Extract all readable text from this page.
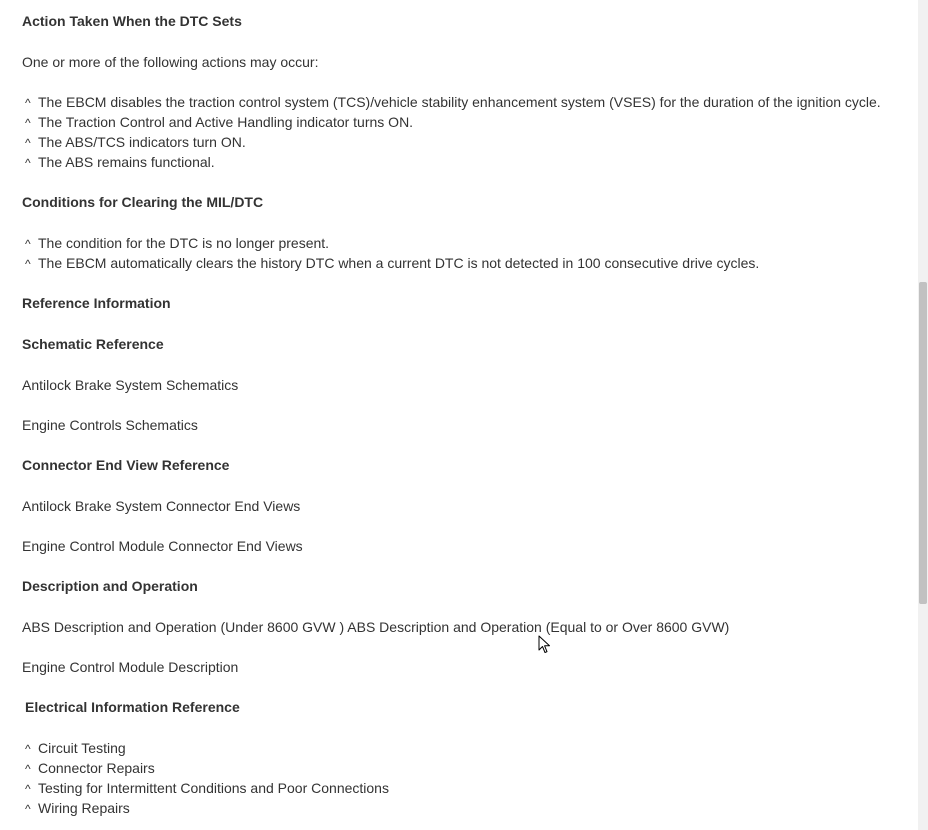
Action Taken When the DTC Sets
One or more of the following actions may occur:
^ The EBCM disables the traction control system (TCS)/vehicle stability enhancement system (VSES) for the duration of the ignition cycle.
^ The Traction Control and Active Handling indicator turns ON.
^ The ABS/TCS indicators turn ON.
^ The ABS remains functional.
Conditions for Clearing the MIL/DTC
^ The condition for the DTC is no longer present.
^ The EBCM automatically clears the history DTC when a current DTC is not detected in 100 consecutive drive cycles.
Reference Information
Schematic Reference
Antilock Brake System Schematics
Engine Controls Schematics
Connector End View Reference
Antilock Brake System Connector End Views
Engine Control Module Connector End Views
Description and Operation
ABS Description and Operation (Under 8600 GVW ) ABS Description and Operation (Equal to or Over 8600 GVW)
Engine Control Module Description
Electrical Information Reference
^ Circuit Testing
^ Connector Repairs
^ Testing for Intermittent Conditions and Poor Connections
^ Wiring Repairs
